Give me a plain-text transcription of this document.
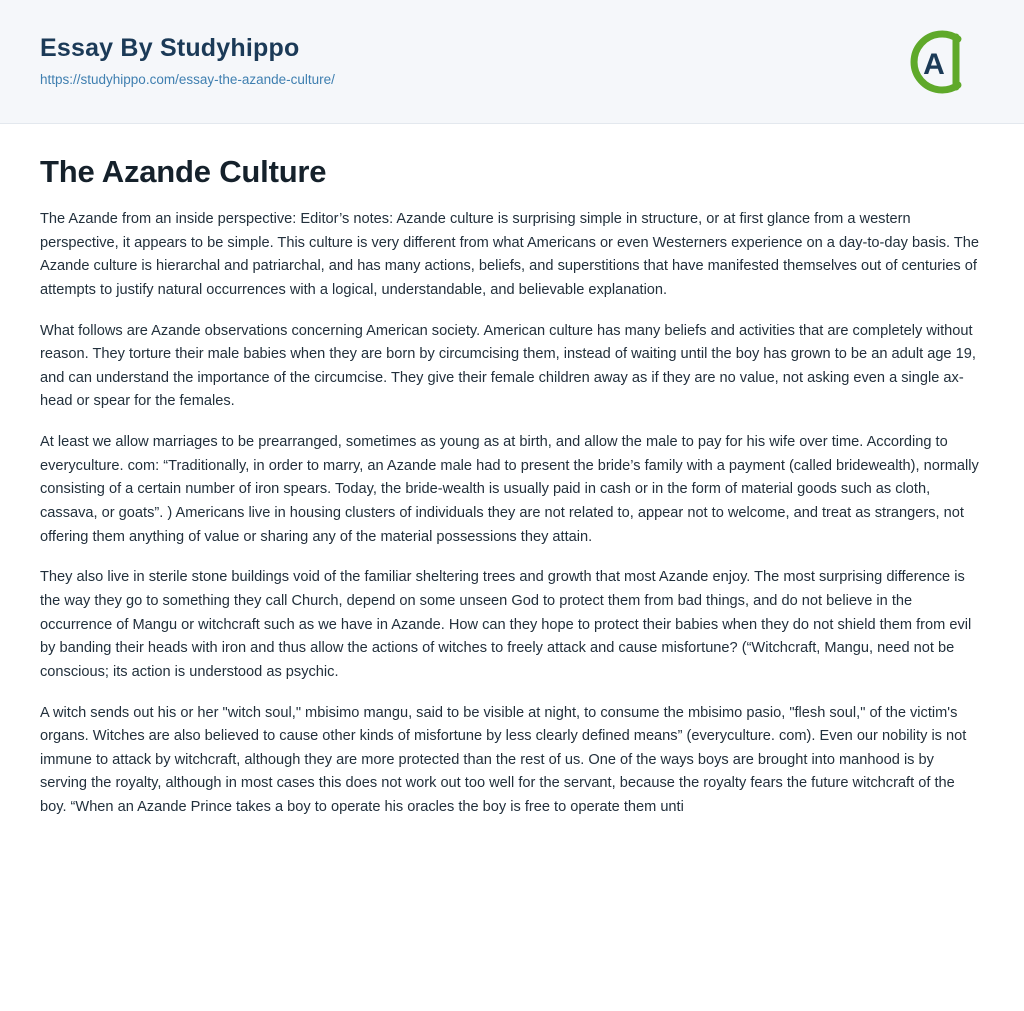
Essay By Studyhippo
https://studyhippo.com/essay-the-azande-culture/	A
The Azande Culture

The Azande from an inside perspective: Editor’s notes: Azande culture is surprising simple in structure, or at first glance from a western perspective, it appears to be simple. This culture is very different from what Americans or even Westerners experience on a day-to-day basis. The Azande culture is hierarchal and patriarchal, and has many actions, beliefs, and superstitions that have manifested themselves out of centuries of attempts to justify natural occurrences with a logical, understandable, and believable explanation.

What follows are Azande observations concerning American society. American culture has many beliefs and activities that are completely without reason. They torture their male babies when they are born by circumcising them, instead of waiting until the boy has grown to be an adult age 19, and can understand the importance of the circumcise. They give their female children away as if they are no value, not asking even a single ax-head or spear for the females.

At least we allow marriages to be prearranged, sometimes as young as at birth, and allow the male to pay for his wife over time. According to everyculture. com: “Traditionally, in order to marry, an Azande male had to present the bride’s family with a payment (called bridewealth), normally consisting of a certain number of iron spears. Today, the bride-wealth is usually paid in cash or in the form of material goods such as cloth, cassava, or goats”. ) Americans live in housing clusters of individuals they are not related to, appear not to welcome, and treat as strangers, not offering them anything of value or sharing any of the material possessions they attain.

They also live in sterile stone buildings void of the familiar sheltering trees and growth that most Azande enjoy. The most surprising difference is the way they go to something they call Church, depend on some unseen God to protect them from bad things, and do not believe in the occurrence of Mangu or witchcraft such as we have in Azande. How can they hope to protect their babies when they do not shield them from evil by banding their heads with iron and thus allow the actions of witches to freely attack and cause misfortune? (“Witchcraft, Mangu, need not be conscious; its action is understood as psychic.

A witch sends out his or her "witch soul," mbisimo mangu, said to be visible at night, to consume the mbisimo pasio, "flesh soul," of the victim's organs. Witches are also believed to cause other kinds of misfortune by less clearly defined means” (everyculture. com). Even our nobility is not immune to attack by witchcraft, although they are more protected than the rest of us. One of the ways boys are brought into manhood is by serving the royalty, although in most cases this does not work out too well for the servant, because the royalty fears the future witchcraft of the boy. “When an Azande Prince takes a boy to operate his oracles the boy is free to operate them unti
